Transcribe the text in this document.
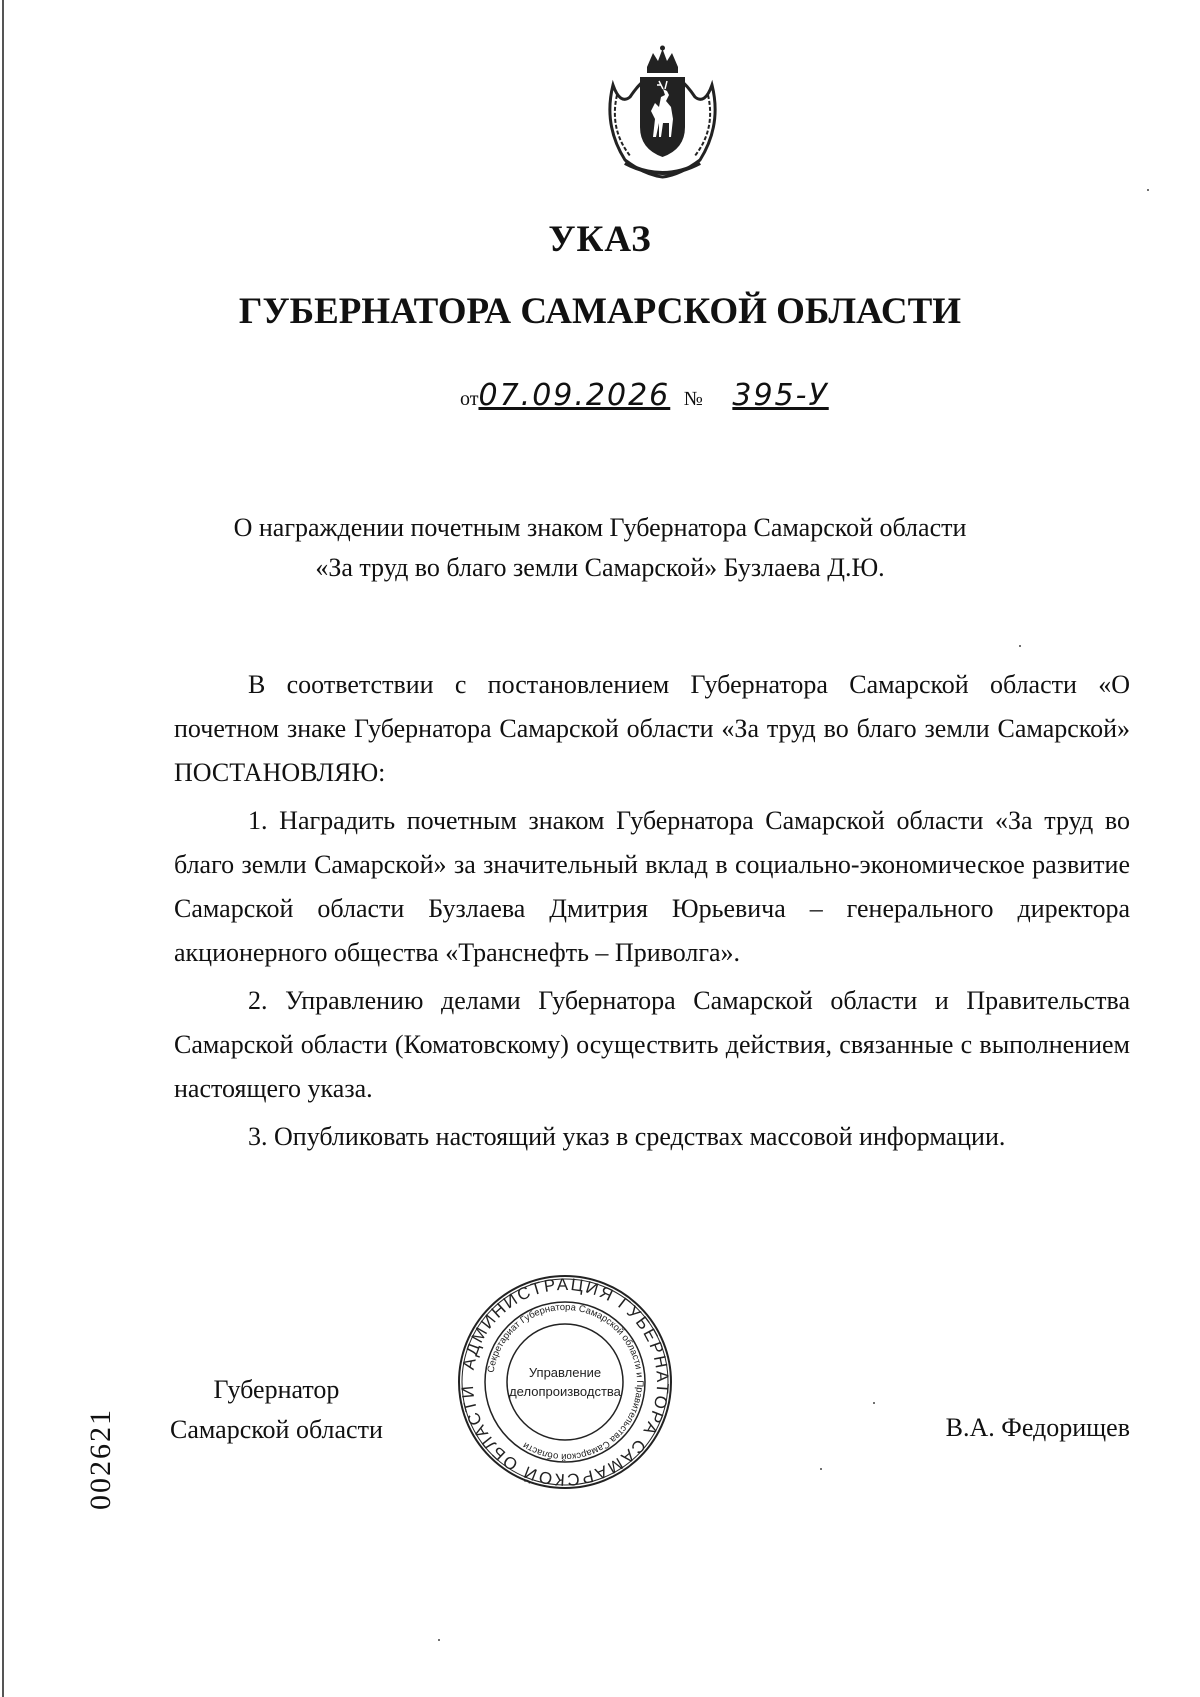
УКАЗ
ГУБЕРНАТОРА САМАРСКОЙ ОБЛАСТИ
от07.09.2026 № 395-У
О награждении почетным знаком Губернатора Самарской области
«За труд во благо земли Самарской» Бузлаева Д.Ю.

В соответствии с постановлением Губернатора Самарской области «О почетном знаке Губернатора Самарской области «За труд во благо земли Самарской» ПОСТАНОВЛЯЮ:

1. Наградить почетным знаком Губернатора Самарской области «За труд во благо земли Самарской» за значительный вклад в социально-экономическое развитие Самарской области Бузлаева Дмитрия Юрьевича – генерального директора акционерного общества «Транснефть – Приволга».

2. Управлению делами Губернатора Самарской области и Правительства Самарской области (Коматовскому) осуществить действия, связанные с выполнением настоящего указа.

3. Опубликовать настоящий указ в средствах массовой информации.

Губернатор
Самарской области
АДМИНИСТРАЦИЯ ГУБЕРНАТОРА САМАРСКОЙ ОБЛАСТИ
Секретариат Губернатора Самарской области и Правительства Самарской области
Управление
делопроизводства
В.А. Федорищев
002621
